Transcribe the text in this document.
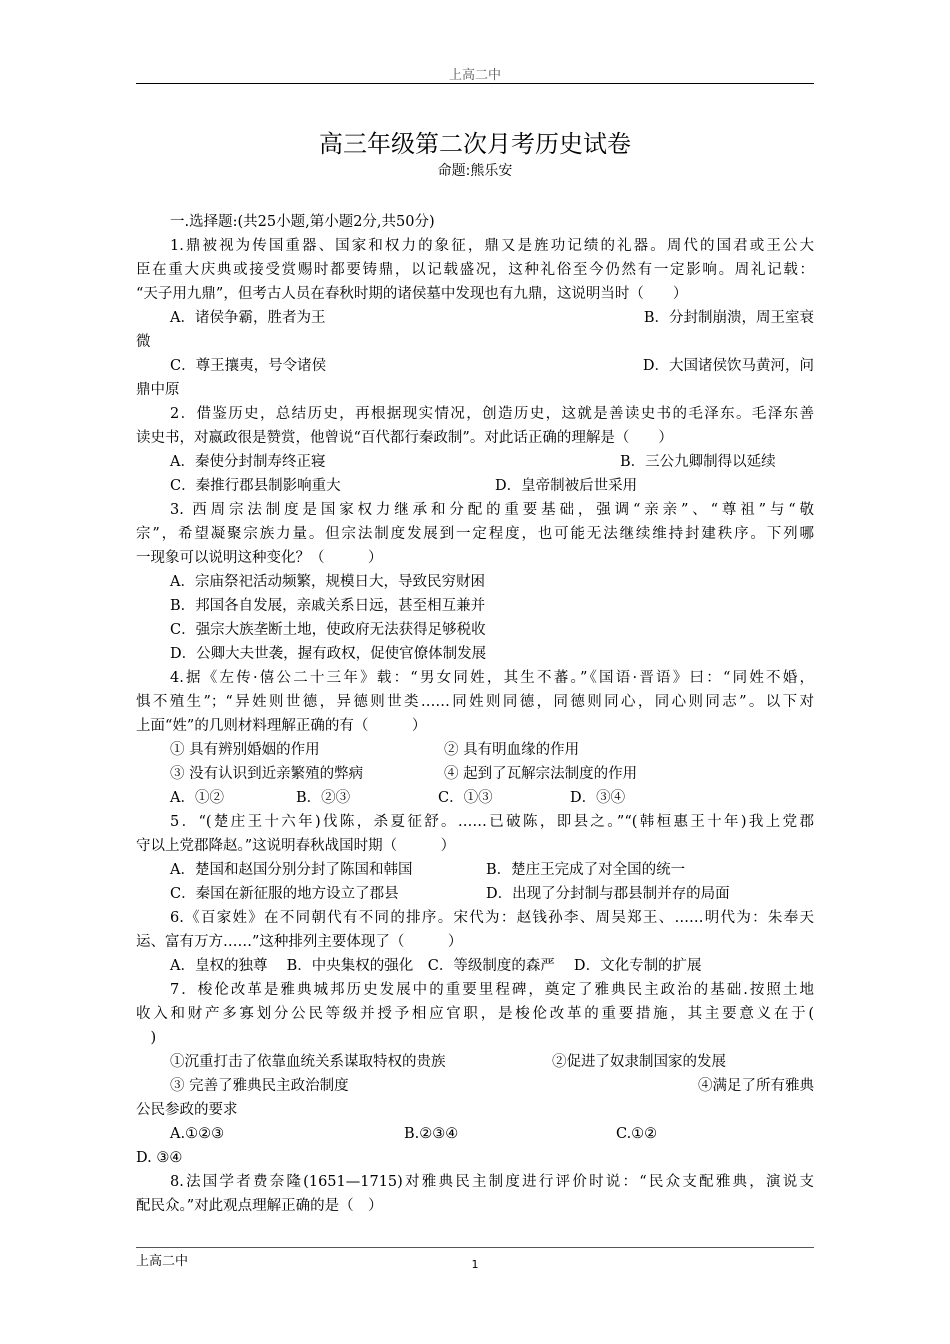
上高二中
高三年级第二次月考历史试卷
命题:熊乐安
一.选择题:(共25小题,第小题2分,共50分)
1.鼎被视为传国重器、国家和权力的象征，鼎又是旌功记绩的礼器。周代的国君或王公大
臣在重大庆典或接受赏赐时都要铸鼎，以记载盛况，这种礼俗至今仍然有一定影响。周礼记载：
“天子用九鼎”，但考古人员在春秋时期的诸侯墓中发现也有九鼎，这说明当时（　　）
A．诸侯争霸，胜者为王	B．分封制崩溃，周王室衰
微
C．尊王攘夷，号令诸侯	D．大国诸侯饮马黄河，问
鼎中原
2．借鉴历史，总结历史，再根据现实情况，创造历史，这就是善读史书的毛泽东。毛泽东善
读史书，对嬴政很是赞赏，他曾说“百代都行秦政制”。对此话正确的理解是（　　）
A．秦使分封制寿终正寝	B．三公九卿制得以延续
C．秦推行郡县制影响重大	D．皇帝制被后世采用
3. 西周宗法制度是国家权力继承和分配的重要基础，强调“亲亲”、“尊祖”与“敬
宗”，希望凝聚宗族力量。但宗法制度发展到一定程度，也可能无法继续维持封建秩序。下列哪
一现象可以说明这种变化？（　　　）
A．宗庙祭祀活动频繁，规模日大，导致民穷财困
B．邦国各自发展，亲戚关系日远，甚至相互兼并
C．强宗大族垄断土地，使政府无法获得足够税收
D．公卿大夫世袭，握有政权，促使官僚体制发展
4.据《左传·僖公二十三年》载：“男女同姓，其生不蕃。”《国语·晋语》曰：“同姓不婚，
惧不殖生”；“异姓则世德，异德则世类……同姓则同德，同德则同心，同心则同志”。以下对
上面“姓”的几则材料理解正确的有（　　　）
① 具有辨别婚姻的作用	② 具有明血缘的作用
③ 没有认识到近亲繁殖的弊病	④ 起到了瓦解宗法制度的作用
A．①②	B．②③	C．①③	D．③④
5．“(楚庄王十六年)伐陈，杀夏征舒。……已破陈，即县之。”“(韩桓惠王十年)我上党郡
守以上党郡降赵。”这说明春秋战国时期（　　　）
A．楚国和赵国分别分封了陈国和韩国	B．楚庄王完成了对全国的统一
C．秦国在新征服的地方设立了郡县	D．出现了分封制与郡县制并存的局面
6.《百家姓》在不同朝代有不同的排序。宋代为：赵钱孙李、周吴郑王、……明代为：朱奉天
运、富有万方……”这种排列主要体现了（　　　）
A．皇权的独尊　 B．中央集权的强化　C．等级制度的森严　 D．文化专制的扩展
7．梭伦改革是雅典城邦历史发展中的重要里程碑，奠定了雅典民主政治的基础.按照土地
收入和财产多寡划分公民等级并授予相应官职，是梭伦改革的重要措施，其主要意义在于(
　)
①沉重打击了依靠血统关系谋取特权的贵族	②促进了奴隶制国家的发展
③ 完善了雅典民主政治制度	④满足了所有雅典
公民参政的要求
A.①②③	B.②③④	C.①②
D. ③④
8.法国学者费奈隆(1651—1715)对雅典民主制度进行评价时说：“民众支配雅典，演说支
配民众。”对此观点理解正确的是（　）
上高二中	1
